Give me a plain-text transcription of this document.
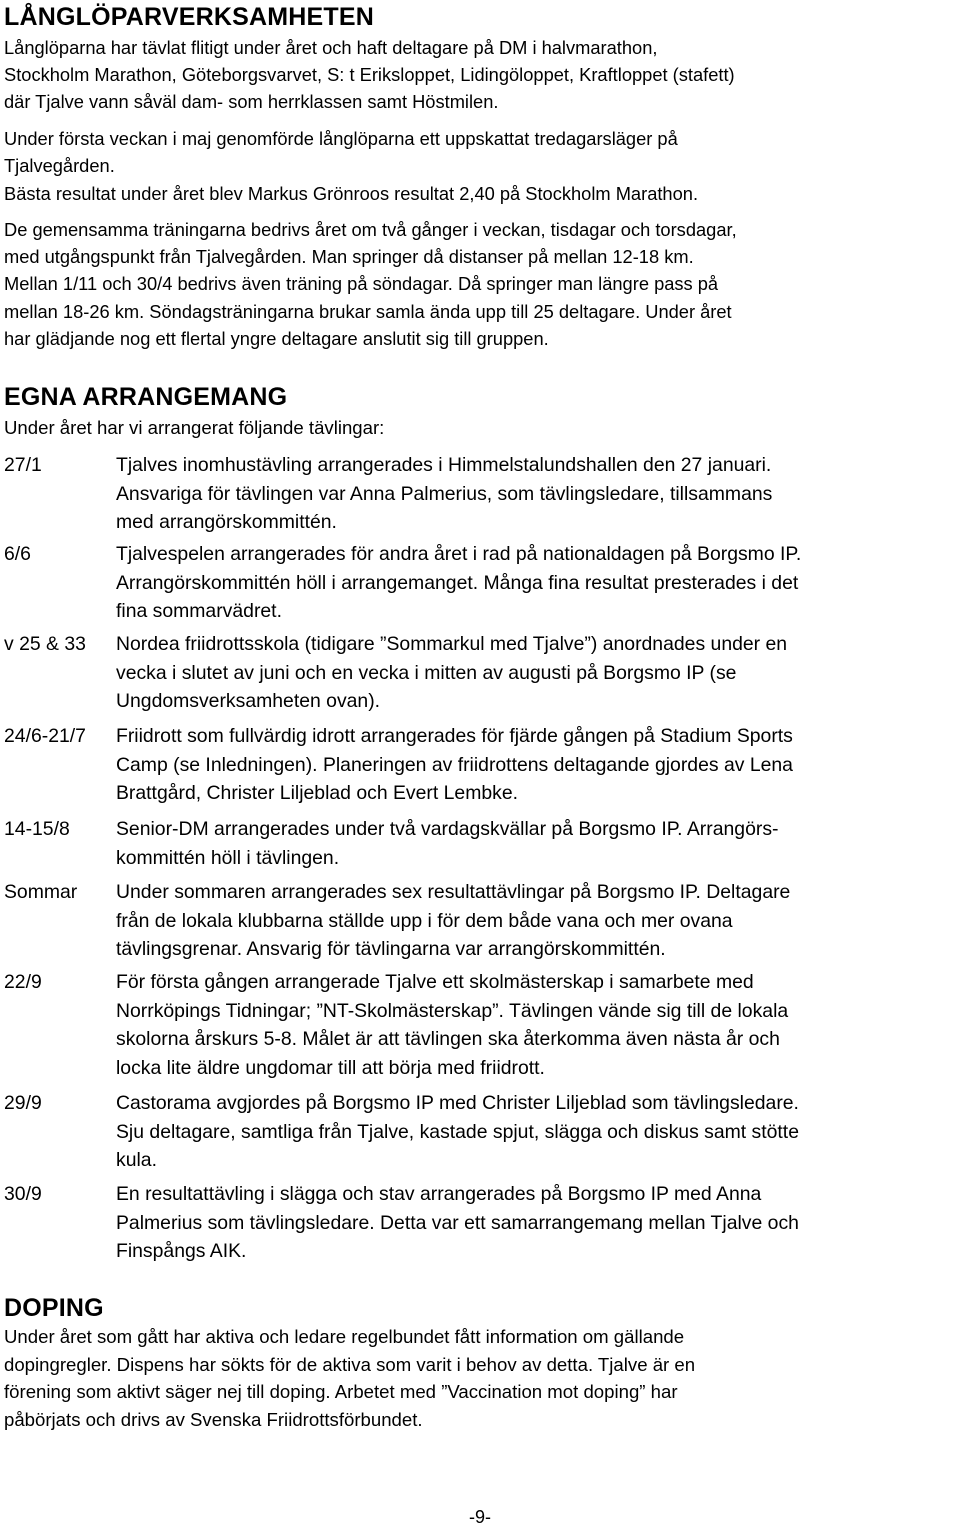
LÅNGLÖPARVERKSAMHETEN

Långlöparna har tävlat flitigt under året och haft deltagare på DM i halvmarathon,
Stockholm Marathon, Göteborgsvarvet, S: t Eriksloppet, Lidingöloppet, Kraftloppet (stafett)
där Tjalve vann såväl dam- som herrklassen samt Höstmilen.

Under första veckan i maj genomförde långlöparna ett uppskattat tredagarsläger på
Tjalvegården.

Bästa resultat under året blev Markus Grönroos resultat 2,40 på Stockholm Marathon.

De gemensamma träningarna bedrivs året om två gånger i veckan, tisdagar och torsdagar,
med utgångspunkt från Tjalvegården. Man springer då distanser på mellan 12-18 km.
Mellan 1/11 och 30/4 bedrivs även träning på söndagar. Då springer man längre pass på
mellan 18-26 km. Söndagsträningarna brukar samla ända upp till 25 deltagare. Under året
har glädjande nog ett flertal yngre deltagare anslutit sig till gruppen.

EGNA ARRANGEMANG

Under året har vi arrangerat följande tävlingar:

27/1	Tjalves inomhustävling arrangerades i Himmelstalundshallen den 27 januari.
Ansvariga för tävlingen var Anna Palmerius, som tävlingsledare, tillsammans
med arrangörskommittén.
6/6	Tjalvespelen arrangerades för andra året i rad på nationaldagen på Borgsmo IP.
Arrangörskommittén höll i arrangemanget. Många fina resultat presterades i det
fina sommarvädret.
v 25 & 33	Nordea friidrottsskola (tidigare ”Sommarkul med Tjalve”) anordnades under en
vecka i slutet av juni och en vecka i mitten av augusti på Borgsmo IP (se
Ungdomsverksamheten ovan).
24/6-21/7	Friidrott som fullvärdig idrott arrangerades för fjärde gången på Stadium Sports
Camp (se Inledningen). Planeringen av friidrottens deltagande gjordes av Lena
Brattgård, Christer Liljeblad och Evert Lembke.
14-15/8	Senior-DM arrangerades under två vardagskvällar på Borgsmo IP. Arrangörs-
kommittén höll i tävlingen.
Sommar	Under sommaren arrangerades sex resultattävlingar på Borgsmo IP. Deltagare
från de lokala klubbarna ställde upp i för dem både vana och mer ovana
tävlingsgrenar. Ansvarig för tävlingarna var arrangörskommittén.
22/9	För första gången arrangerade Tjalve ett skolmästerskap i samarbete med
Norrköpings Tidningar; ”NT-Skolmästerskap”. Tävlingen vände sig till de lokala
skolorna årskurs 5-8. Målet är att tävlingen ska återkomma även nästa år och
locka lite äldre ungdomar till att börja med friidrott.
29/9	Castorama avgjordes på Borgsmo IP med Christer Liljeblad som tävlingsledare.
Sju deltagare, samtliga från Tjalve, kastade spjut, slägga och diskus samt stötte
kula.
30/9	En resultattävling i slägga och stav arrangerades på Borgsmo IP med Anna
Palmerius som tävlingsledare. Detta var ett samarrangemang mellan Tjalve och
Finspångs AIK.
DOPING

Under året som gått har aktiva och ledare regelbundet fått information om gällande
dopingregler. Dispens har sökts för de aktiva som varit i behov av detta. Tjalve är en
förening som aktivt säger nej till doping. Arbetet med ”Vaccination mot doping” har
påbörjats och drivs av Svenska Friidrottsförbundet.

-9-
